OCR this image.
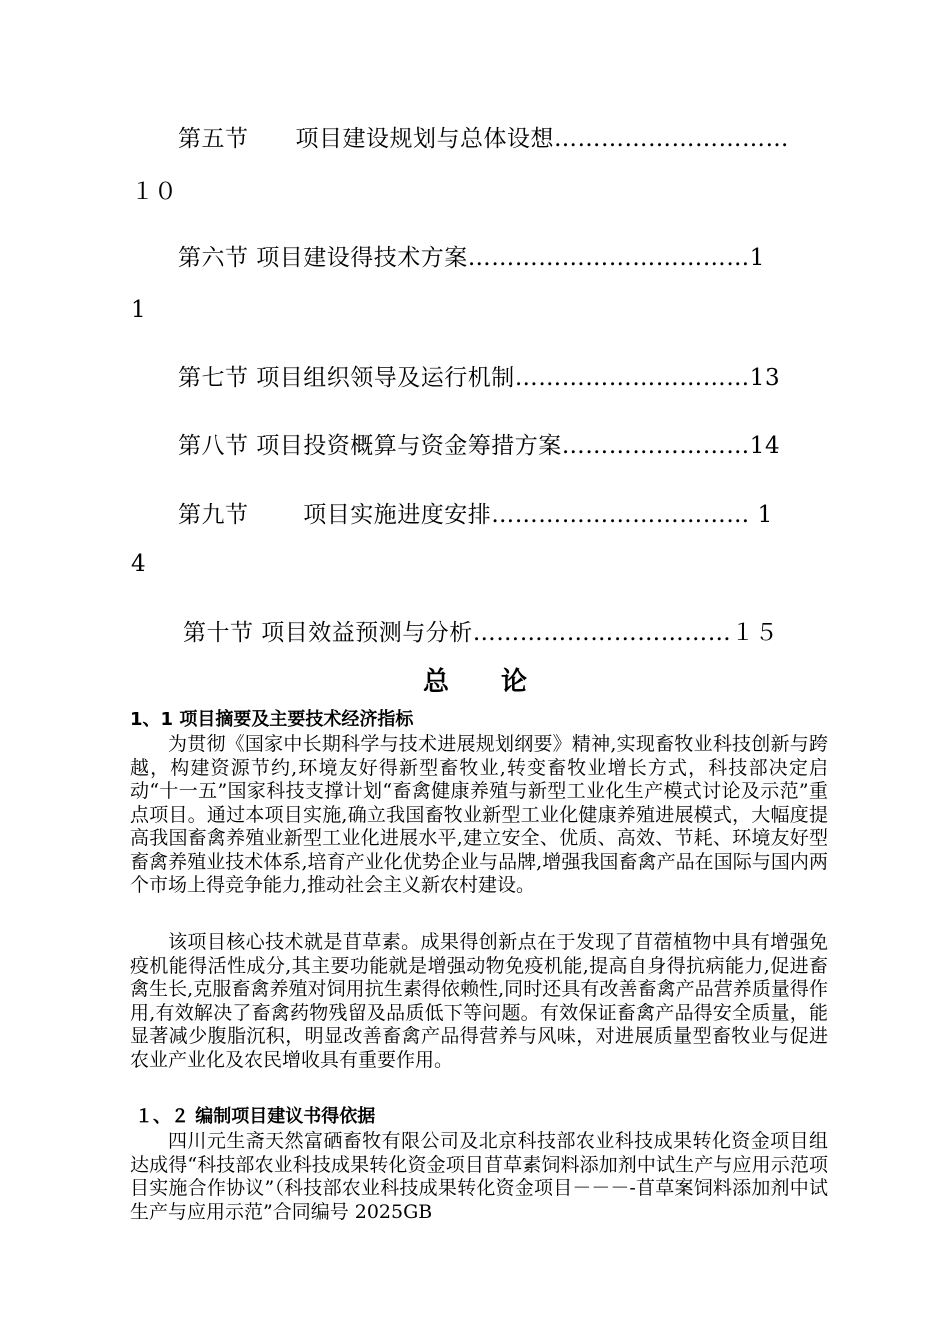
第五节　　项目建设规划与总体设想…………………………
１０
第六节 项目建设得技术方案………………………………1
1
第七节 项目组织领导及运行机制…………………………13
第八节 项目投资概算与资金筹措方案……………………14
第九节　　 项目实施进度安排…………………………… 1
4
第十节 项目效益预测与分析……………………………１５
总论
1、1 项目摘要及主要技术经济指标
为贯彻《国家中长期科学与技术进展规划纲要》精神,实现畜牧业科技创新与跨越，构建资源节约,环境友好得新型畜牧业,转变畜牧业增长方式，科技部决定启动“十一五”国家科技支撑计划“畜禽健康养殖与新型工业化生产模式讨论及示范”重点项目。通过本项目实施,确立我国畜牧业新型工业化健康养殖进展模式，大幅度提高我国畜禽养殖业新型工业化进展水平,建立安全、优质、高效、节耗、环境友好型畜禽养殖业技术体系,培育产业化优势企业与品牌,增强我国畜禽产品在国际与国内两个市场上得竞争能力,推动社会主义新农村建设。
该项目核心技术就是苜草素。成果得创新点在于发现了苜蓿植物中具有增强免疫机能得活性成分,其主要功能就是增强动物免疫机能,提高自身得抗病能力,促进畜禽生长,克服畜禽养殖对饲用抗生素得依赖性,同时还具有改善畜禽产品营养质量得作用,有效解决了畜禽药物残留及品质低下等问题。有效保证畜禽产品得安全质量，能显著减少腹脂沉积，明显改善畜禽产品得营养与风味，对进展质量型畜牧业与促进农业产业化及农民增收具有重要作用。
１、２ 编制项目建议书得依据
四川元生斋天然富硒畜牧有限公司及北京科技部农业科技成果转化资金项目组达成得“科技部农业科技成果转化资金项目苜草素饲料添加剂中试生产与应用示范项目实施合作协议”（科技部农业科技成果转化资金项目－－－-苜草案饲料添加剂中试生产与应用示范”合同编号 2025GB
